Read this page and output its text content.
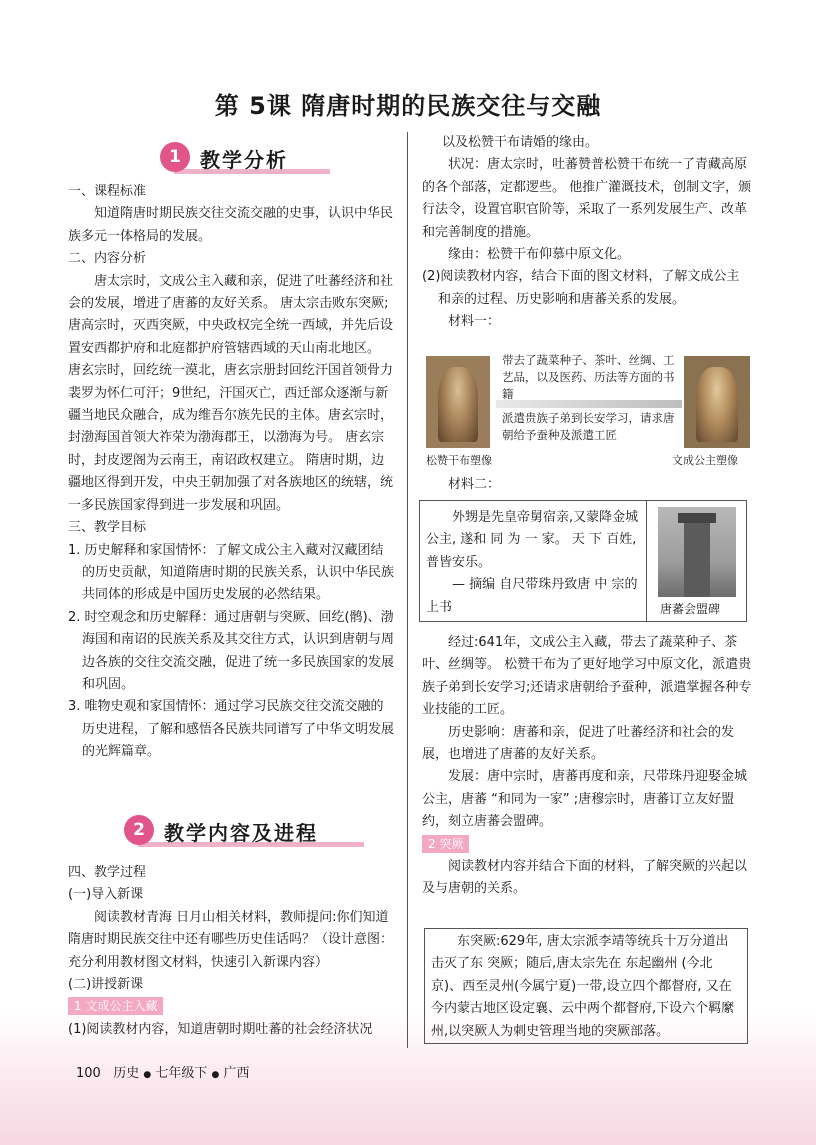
第 5课 隋唐时期的民族交往与交融
1 教学分析

一、课程标准

知道隋唐时期民族交往交流交融的史事，认识中华民族多元一体格局的发展。

二、内容分析

唐太宗时，文成公主入藏和亲，促进了吐蕃经济和社会的发展，增进了唐蕃的友好关系。 唐太宗击败东突厥;唐高宗时，灭西突厥，中央政权完全统一西域，并先后设置安西都护府和北庭都护府管辖西域的天山南北地区。 唐玄宗时，回纥统一漠北，唐玄宗册封回纥汗国首领骨力裴罗为怀仁可汗；9世纪，汗国灭亡，西迁部众逐渐与新疆当地民众融合，成为维吾尔族先民的主体。唐玄宗时，封渤海国首领大祚荣为渤海郡王，以渤海为号。 唐玄宗时，封皮逻阁为云南王，南诏政权建立。 隋唐时期，边疆地区得到开发，中央王朝加强了对各族地区的统辖，统一多民族国家得到进一步发展和巩固。

三、教学目标

1. 历史解释和家国情怀：了解文成公主入藏对汉藏团结的历史贡献，知道隋唐时期的民族关系，认识中华民族共同体的形成是中国历史发展的必然结果。

2. 时空观念和历史解释：通过唐朝与突厥、回纥(鹘)、渤海国和南诏的民族关系及其交往方式，认识到唐朝与周边各族的交往交流交融，促进了统一多民族国家的发展和巩固。

3. 唯物史观和家国情怀：通过学习民族交往交流交融的历史进程，了解和感悟各民族共同谱写了中华文明发展的光辉篇章。

2 教学内容及进程

四、教学过程

(一)导入新课

阅读教材青海 日月山相关材料，教师提问:你们知道隋唐时期民族交往中还有哪些历史佳话吗？（设计意图：充分利用教材图文材料，快速引入新课内容）

(二)讲授新课

1 文成公主入藏

(1)阅读教材内容，知道唐朝时期吐蕃的社会经济状况

以及松赞干布请婚的缘由。

状况：唐太宗时，吐蕃赞普松赞干布统一了青藏高原的各个部落，定都逻些。 他推广灌溉技术，创制文字，颁行法令，设置官职官阶等，采取了一系列发展生产、改革和完善制度的措施。

缘由：松赞干布仰慕中原文化。

(2)阅读教材内容，结合下面的图文材料，了解文成公主和亲的过程、历史影响和唐蕃关系的发展。

材料一：

带去了蔬菜种子、茶叶、丝绸、工艺品，以及医药、历法等方面的书籍
派遣贵族子弟到长安学习，请求唐朝给予蚕种及派遣工匠
松赞干布塑像	文成公主塑像
材料二：

外甥是先皇帝舅宿亲,又蒙降金城公主, 遂和 同 为 一 家。 天 下 百姓,普皆安乐。

— 摘编 自尺带珠丹致唐 中 宗的上书	唐蕃会盟碑

经过:641年，文成公主入藏，带去了蔬菜种子、茶叶、丝绸等。 松赞干布为了更好地学习中原文化，派遣贵族子弟到长安学习;还请求唐朝给予蚕种，派遣掌握各种专业技能的工匠。

历史影响：唐蕃和亲，促进了吐蕃经济和社会的发展，也增进了唐蕃的友好关系。

发展：唐中宗时，唐蕃再度和亲，尺带珠丹迎娶金城公主，唐蕃 “和同为一家” ;唐穆宗时，唐蕃订立友好盟约，刻立唐蕃会盟碑。

2 突厥

阅读教材内容并结合下面的材料，了解突厥的兴起以及与唐朝的关系。

东突厥:629年, 唐太宗派李靖等统兵十万分道出击灭了东 突厥；随后,唐太宗先在 东起幽州 (今北京)、西至灵州(今属宁夏)一带,设立四个都督府, 又在今内蒙古地区设定襄、云中两个都督府,下设六个羁縻州,以突厥人为刺史管理当地的突厥部落。
100 历史 ● 七年级下 ● 广西
